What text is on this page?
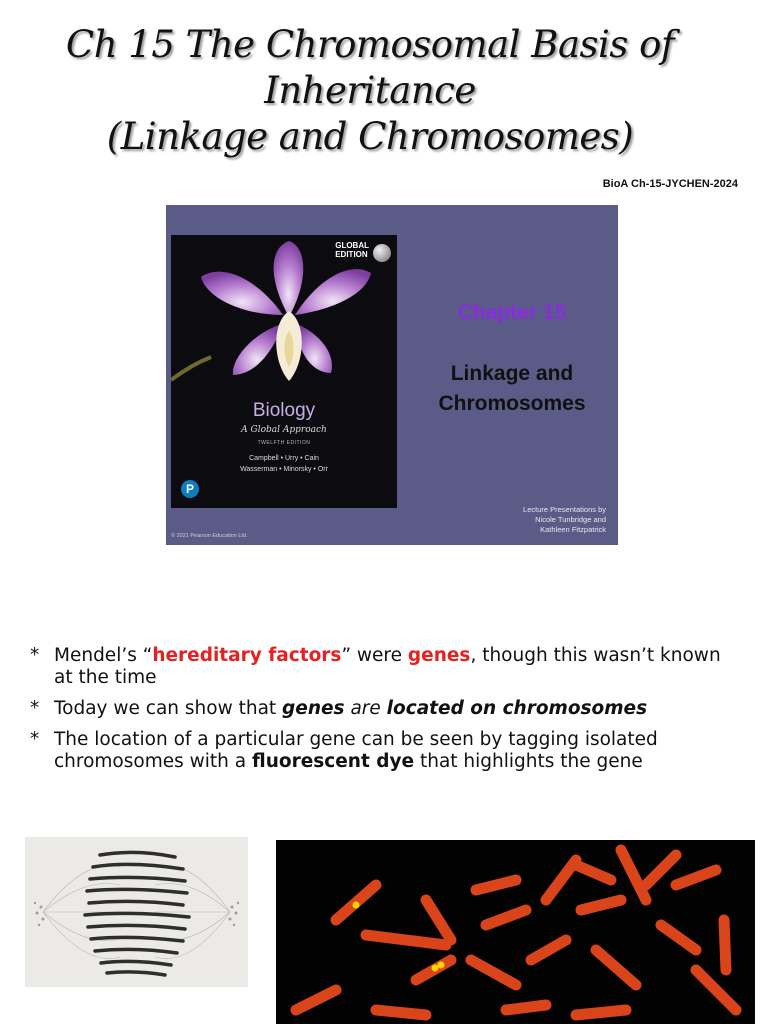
Ch 15 The Chromosomal Basis of
Inheritance
(Linkage and Chromosomes)
BioA Ch-15-JYCHEN-2024
GLOBAL
EDITION
Biology
A Global Approach
TWELFTH EDITION
Campbell • Urry • Cain
Wasserman • Minorsky • Orr
P
Chapter 15
Linkage and
Chromosomes
Lecture Presentations by
Nicole Tunbridge and
Kathleen Fitzpatrick
© 2021 Pearson Education Ltd.
* Mendel’s “hereditary factors” were genes, though this wasn’t known at the time
* Today we can show that genes are located on chromosomes
* The location of a particular gene can be seen by tagging isolated chromosomes with a fluorescent dye that highlights the gene
